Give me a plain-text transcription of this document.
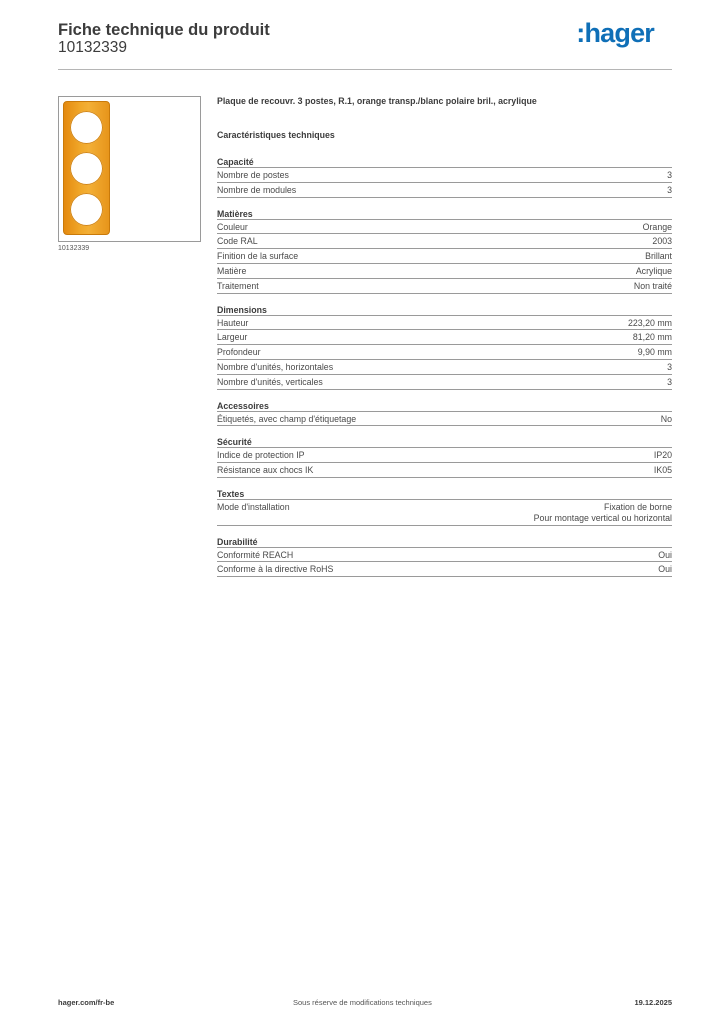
Fiche technique du produit
10132339	:hager
10132339
Plaque de recouvr. 3 postes, R.1, orange transp./blanc polaire bril., acrylique
Caractéristiques techniques
Capacité
Nombre de postes	3
Nombre de modules	3
Matières
Couleur	Orange
Code RAL	2003
Finition de la surface	Brillant
Matière	Acrylique
Traitement	Non traité
Dimensions
Hauteur	223,20 mm
Largeur	81,20 mm
Profondeur	9,90 mm
Nombre d'unités, horizontales	3
Nombre d'unités, verticales	3
Accessoires
Étiquetés, avec champ d'étiquetage	No
Sécurité
Indice de protection IP	IP20
Résistance aux chocs IK	IK05
Textes
Mode d'installation	Fixation de borne
Pour montage vertical ou horizontal
Durabilité
Conformité REACH	Oui
Conforme à la directive RoHS	Oui
hager.com/fr-be	Sous réserve de modifications techniques	19.12.2025
